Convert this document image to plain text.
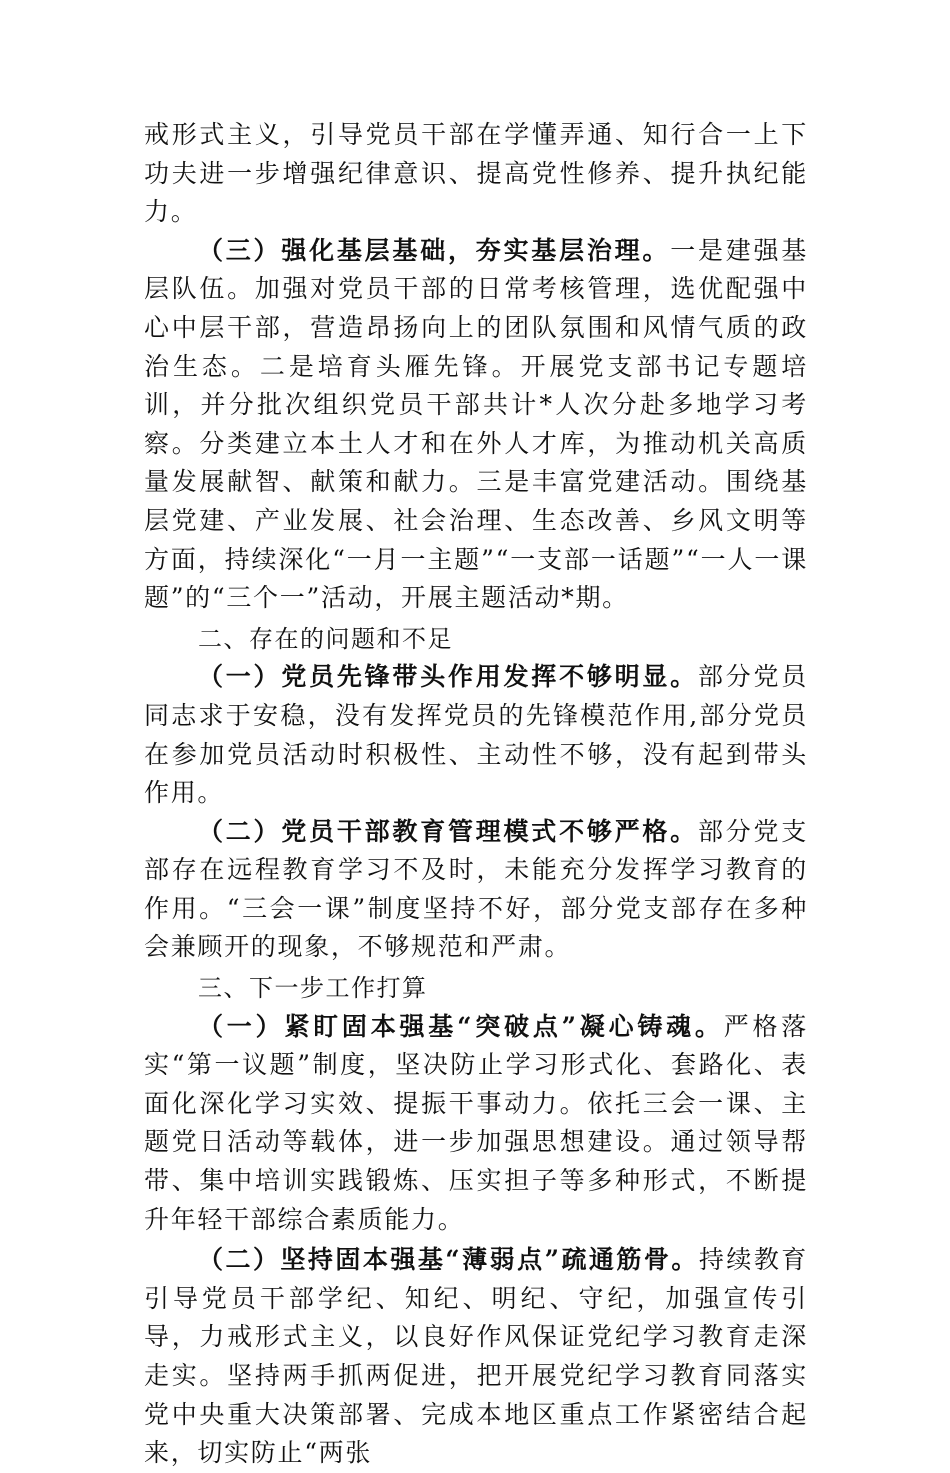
戒形式主义，引导党员干部在学懂弄通、知行合一上下功夫进一步增强纪律意识、提高党性修养、提升执纪能力。

（三）强化基层基础，夯实基层治理。一是建强基层队伍。加强对党员干部的日常考核管理，选优配强中心中层干部，营造昂扬向上的团队氛围和风情气质的政治生态。二是培育头雁先锋。开展党支部书记专题培训，并分批次组织党员干部共计*人次分赴多地学习考察。分类建立本土人才和在外人才库，为推动机关高质量发展献智、献策和献力。三是丰富党建活动。围绕基层党建、产业发展、社会治理、生态改善、乡风文明等方面，持续深化“一月一主题”“一支部一话题”“一人一课题”的“三个一”活动，开展主题活动*期。

二、存在的问题和不足

（一）党员先锋带头作用发挥不够明显。部分党员同志求于安稳，没有发挥党员的先锋模范作用,部分党员在参加党员活动时积极性、主动性不够，没有起到带头作用。

（二）党员干部教育管理模式不够严格。部分党支部存在远程教育学习不及时，未能充分发挥学习教育的作用。“三会一课”制度坚持不好，部分党支部存在多种会兼顾开的现象，不够规范和严肃。

三、下一步工作打算

（一）紧盯固本强基“突破点”凝心铸魂。严格落实“第一议题”制度，坚决防止学习形式化、套路化、表面化深化学习实效、提振干事动力。依托三会一课、主题党日活动等载体，进一步加强思想建设。通过领导帮带、集中培训实践锻炼、压实担子等多种形式，不断提升年轻干部综合素质能力。

（二）坚持固本强基“薄弱点”疏通筋骨。持续教育引导党员干部学纪、知纪、明纪、守纪，加强宣传引导，力戒形式主义，以良好作风保证党纪学习教育走深走实。坚持两手抓两促进，把开展党纪学习教育同落实党中央重大决策部署、完成本地区重点工作紧密结合起来，切实防止“两张
